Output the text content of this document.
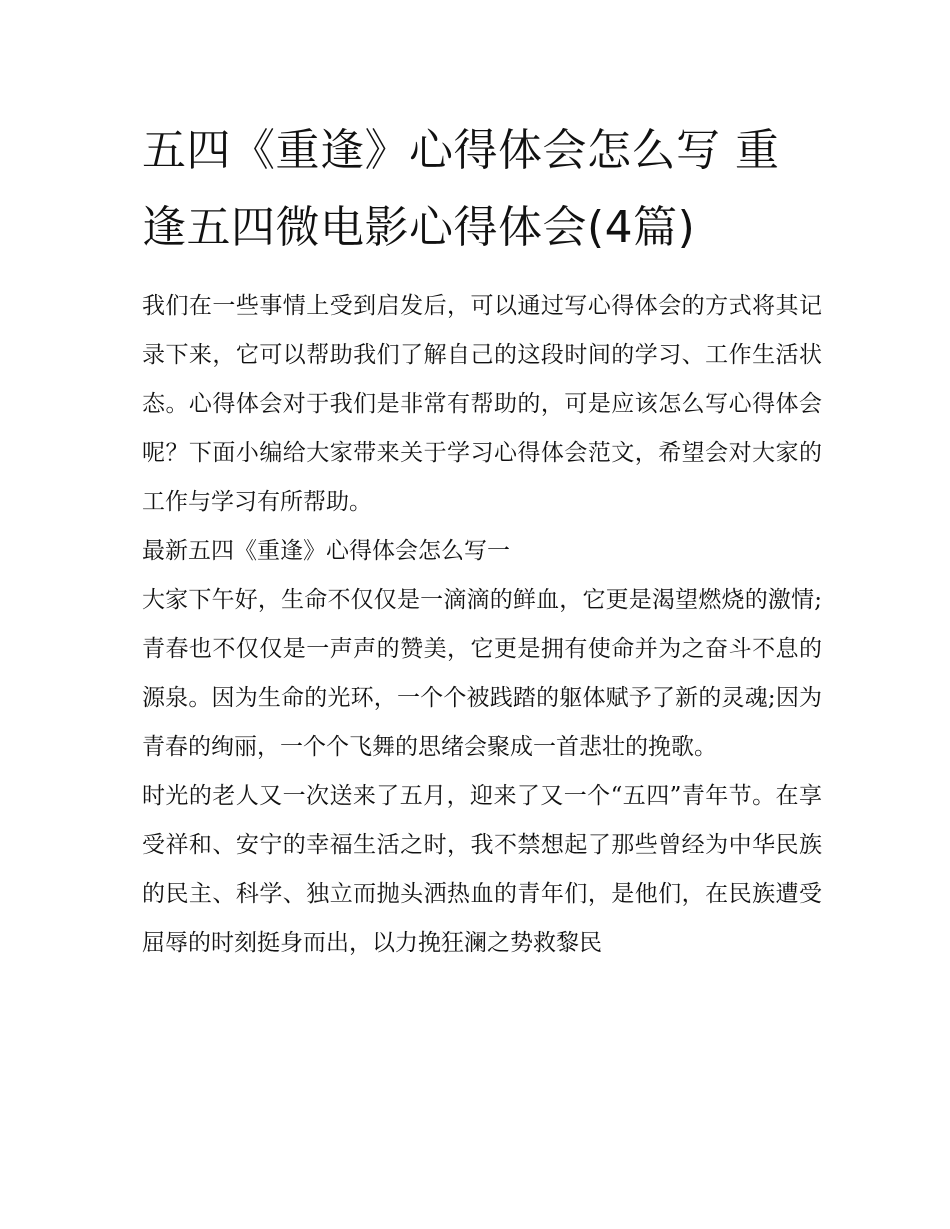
五四《重逢》心得体会怎么写 重逢五四微电影心得体会(4篇)

我们在一些事情上受到启发后，可以通过写心得体会的方式将其记录下来，它可以帮助我们了解自己的这段时间的学习、工作生活状态。心得体会对于我们是非常有帮助的，可是应该怎么写心得体会呢？下面小编给大家带来关于学习心得体会范文，希望会对大家的工作与学习有所帮助。

最新五四《重逢》心得体会怎么写一

大家下午好，生命不仅仅是一滴滴的鲜血，它更是渴望燃烧的激情;青春也不仅仅是一声声的赞美，它更是拥有使命并为之奋斗不息的源泉。因为生命的光环，一个个被践踏的躯体赋予了新的灵魂;因为青春的绚丽，一个个飞舞的思绪会聚成一首悲壮的挽歌。

时光的老人又一次送来了五月，迎来了又一个“五四”青年节。在享受祥和、安宁的幸福生活之时，我不禁想起了那些曾经为中华民族的民主、科学、独立而抛头洒热血的青年们，是他们，在民族遭受屈辱的时刻挺身而出，以力挽狂澜之势救黎民
